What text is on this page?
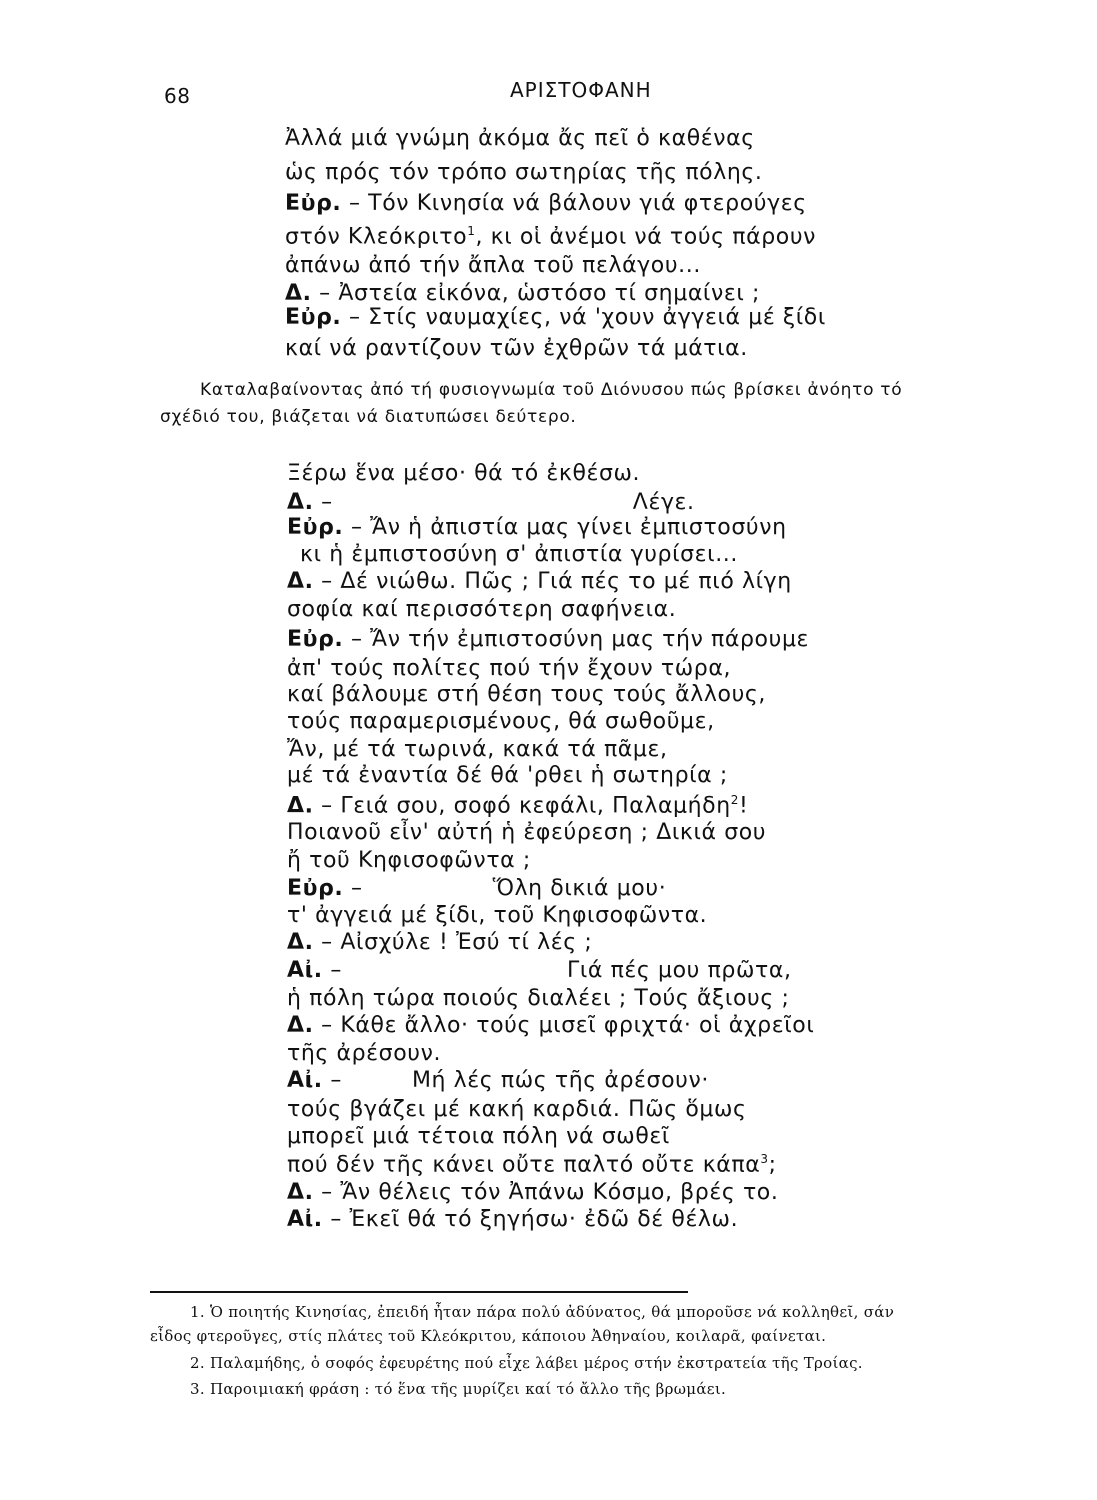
68	ΑΡΙΣΤΟΦΑΝΗ
Ἀλλά μιά γνώμη ἀκόμα ἄς πεῖ ὁ καθένας
ὡς πρός τόν τρόπο σωτηρίας τῆς πόλης.
Εὐρ. – Τόν Κινησία νά βάλουν γιά φτερούγες
στόν Κλεόκριτο$^1$, κι οἱ ἀνέμοι νά τούς πάρουν
ἀπάνω ἀπό τήν ἄπλα τοῦ πελάγου...
Δ. – Ἀστεία εἰκόνα, ὡστόσο τί σημαίνει ;
Εὐρ. – Στίς ναυμαχίες, νά 'χουν ἀγγειά μέ ξίδι
καί νά ραντίζουν τῶν ἐχθρῶν τά μάτια.
Καταλαβαίνοντας ἀπό τή φυσιογνωμία τοῦ Διόνυσου πώς βρίσκει ἀνόητο τό
σχέδιό του, βιάζεται νά διατυπώσει δεύτερο.
Ξέρω ἕνα μέσο· θά τό ἐκθέσω.
Δ. –	Λέγε.
Εὐρ. – Ἄν ἡ ἀπιστία μας γίνει ἐμπιστοσύνη
κι ἡ ἐμπιστοσύνη σ' ἀπιστία γυρίσει...
Δ. – Δέ νιώθω. Πῶς ; Γιά πές το μέ πιό λίγη
σοφία καί περισσότερη σαφήνεια.
Εὐρ. – Ἄν τήν ἐμπιστοσύνη μας τήν πάρουμε
ἀπ' τούς πολίτες πού τήν ἔχουν τώρα,
καί βάλουμε στή θέση τους τούς ἄλλους,
τούς παραμερισμένους, θά σωθοῦμε,
Ἄν, μέ τά τωρινά, κακά τά πᾶμε,
μέ τά ἐναντία δέ θά 'ρθει ἡ σωτηρία ;
Δ. – Γειά σου, σοφό κεφάλι, Παλαμήδη$^2$!
Ποιανοῦ εἶν' αὐτή ἡ ἐφεύρεση ; Δικιά σου
ἤ τοῦ Κηφισοφῶντα ;
Εὐρ. –	Ὅλη δικιά μου·
τ' ἀγγειά μέ ξίδι, τοῦ Κηφισοφῶντα.
Δ. – Αἰσχύλε ! Ἐσύ τί λές ;
Αἰ. –	Γιά πές μου πρῶτα,
ἡ πόλη τώρα ποιούς διαλέει ; Τούς ἄξιους ;
Δ. – Κάθε ἄλλο· τούς μισεῖ φριχτά· οἱ ἀχρεῖοι
τῆς ἀρέσουν.
Αἰ. –	Μή λές πώς τῆς ἀρέσουν·
τούς βγάζει μέ κακή καρδιά. Πῶς ὅμως
μπορεῖ μιά τέτοια πόλη νά σωθεῖ
πού δέν τῆς κάνει οὔτε παλτό οὔτε κάπα$^3$;
Δ. – Ἄν θέλεις τόν Ἀπάνω Κόσμο, βρές το.
Αἰ. – Ἐκεῖ θά τό ξηγήσω· ἐδῶ δέ θέλω.
1. Ὁ ποιητής Κινησίας, ἐπειδή ἦταν πάρα πολύ ἀδύνατος, θά μποροῦσε νά κολληθεῖ, σάν
εἶδος φτεροῦγες, στίς πλάτες τοῦ Κλεόκριτου, κάποιου Ἀθηναίου, κοιλαρᾶ, φαίνεται.
2. Παλαμήδης, ὁ σοφός ἐφευρέτης πού εἶχε λάβει μέρος στήν ἐκστρατεία τῆς Τροίας.
3. Παροιμιακή φράση : τό ἕνα τῆς μυρίζει καί τό ἄλλο τῆς βρωμάει.
